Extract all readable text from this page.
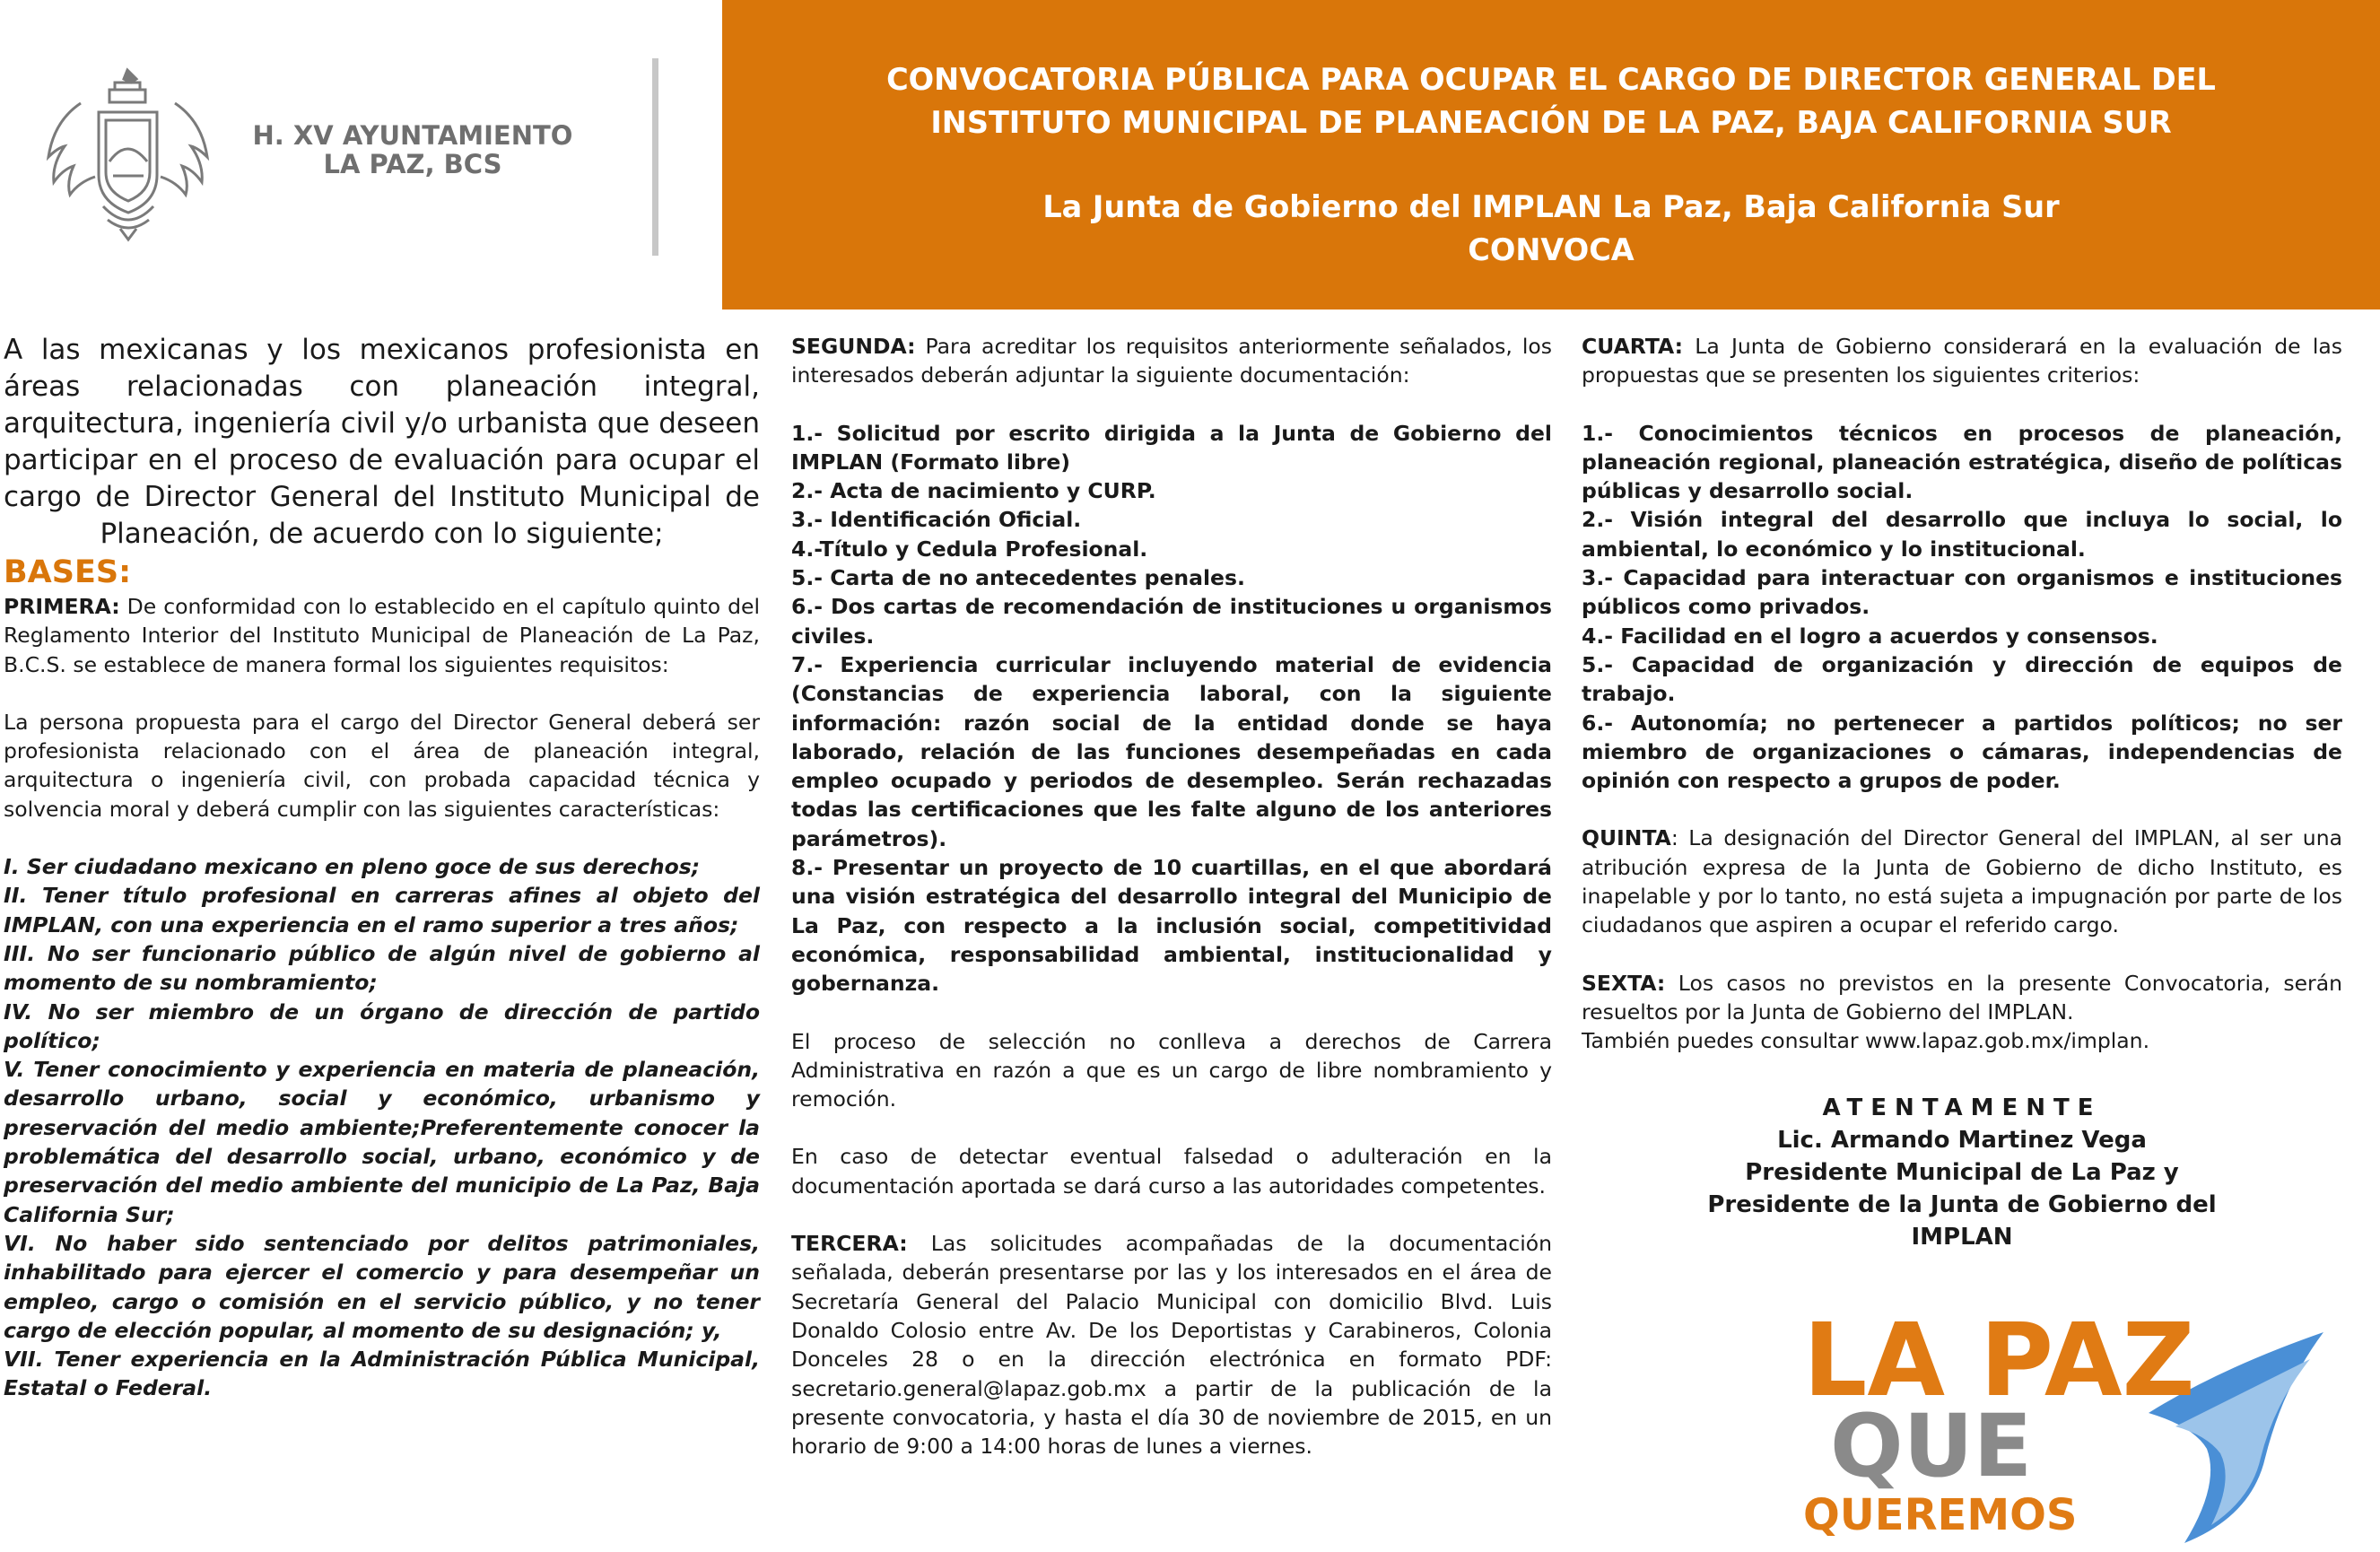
H. XV AYUNTAMIENTO
LA PAZ, BCS
CONVOCATORIA PÚBLICA PARA OCUPAR EL CARGO DE DIRECTOR GENERAL DEL
INSTITUTO MUNICIPAL DE PLANEACIÓN DE LA PAZ, BAJA CALIFORNIA SUR
La Junta de Gobierno del IMPLAN La Paz, Baja California Sur
CONVOCA

A las mexicanas y los mexicanos profesionista en áreas relacionadas con planeación integral, arquitectura, ingeniería civil y/o urbanista que deseen participar en el proceso de evaluación para ocupar el cargo de Director General del Instituto Municipal de Planeación, de acuerdo con lo siguiente;

BASES:

PRIMERA: De conformidad con lo establecido en el capítulo quinto del Reglamento Interior del Instituto Municipal de Planeación de La Paz, B.C.S. se establece de manera formal los siguientes requisitos:

La persona propuesta para el cargo del Director General deberá ser profesionista relacionado con el área de planeación integral, arquitectura o ingeniería civil, con probada capacidad técnica y solvencia moral y deberá cumplir con las siguientes características:

I. Ser ciudadano mexicano en pleno goce de sus derechos;

II. Tener título profesional en carreras afines al objeto del IMPLAN, con una experiencia en el ramo superior a tres años;

III. No ser funcionario público de algún nivel de gobierno al momento de su nombramiento;

IV. No ser miembro de un órgano de dirección de partido político;

V. Tener conocimiento y experiencia en materia de planeación, desarrollo urbano, social y económico, urbanismo y preservación del medio ambiente;Preferentemente conocer la problemática del desarrollo social, urbano, económico y de preservación del medio ambiente del municipio de La Paz, Baja California Sur;

VI. No haber sido sentenciado por delitos patrimoniales, inhabilitado para ejercer el comercio y para desempeñar un empleo, cargo o comisión en el servicio público, y no tener cargo de elección popular, al momento de su designación; y,

VII. Tener experiencia en la Administración Pública Municipal, Estatal o Federal.

SEGUNDA: Para acreditar los requisitos anteriormente señalados, los interesados deberán adjuntar la siguiente documentación:

1.- Solicitud por escrito dirigida a la Junta de Gobierno del IMPLAN (Formato libre)

2.- Acta de nacimiento y CURP.

3.- Identificación Oficial.

4.-Título y Cedula Profesional.

5.- Carta de no antecedentes penales.

6.- Dos cartas de recomendación de instituciones u organismos civiles.

7.- Experiencia curricular incluyendo material de evidencia (Constancias de experiencia laboral, con la siguiente información: razón social de la entidad donde se haya laborado, relación de las funciones desempeñadas en cada empleo ocupado y periodos de desempleo. Serán rechazadas todas las certificaciones que les falte alguno de los anteriores parámetros).

8.- Presentar un proyecto de 10 cuartillas, en el que abordará una visión estratégica del desarrollo integral del Municipio de La Paz, con respecto a la inclusión social, competitividad económica, responsabilidad ambiental, institucionalidad y gobernanza.

El proceso de selección no conlleva a derechos de Carrera Administrativa en razón a que es un cargo de libre nombramiento y remoción.

En caso de detectar eventual falsedad o adulteración en la documentación aportada se dará curso a las autoridades competentes.

TERCERA: Las solicitudes acompañadas de la documentación señalada, deberán presentarse por las y los interesados en el área de Secretaría General del Palacio Municipal con domicilio Blvd. Luis Donaldo Colosio entre Av. De los Deportistas y Carabineros, Colonia Donceles 28 o en la dirección electrónica en formato PDF: secretario.general@lapaz.gob.mx a partir de la publicación de la presente convocatoria, y hasta el día 30 de noviembre de 2015, en un horario de 9:00 a 14:00 horas de lunes a viernes.

CUARTA: La Junta de Gobierno considerará en la evaluación de las propuestas que se presenten los siguientes criterios:

1.- Conocimientos técnicos en procesos de planeación, planeación regional, planeación estratégica, diseño de políticas públicas y desarrollo social.

2.- Visión integral del desarrollo que incluya lo social, lo ambiental, lo económico y lo institucional.

3.- Capacidad para interactuar con organismos e instituciones públicos como privados.

4.- Facilidad en el logro a acuerdos y consensos.

5.- Capacidad de organización y dirección de equipos de trabajo.

6.- Autonomía; no pertenecer a partidos políticos; no ser miembro de organizaciones o cámaras, independencias de opinión con respecto a grupos de poder.

QUINTA: La designación del Director General del IMPLAN, al ser una atribución expresa de la Junta de Gobierno de dicho Instituto, es inapelable y por lo tanto, no está sujeta a impugnación por parte de los ciudadanos que aspiren a ocupar el referido cargo.

SEXTA: Los casos no previstos en la presente Convocatoria, serán resueltos por la Junta de Gobierno del IMPLAN.

También puedes consultar www.lapaz.gob.mx/implan.

ATENTAMENTE
Lic. Armando Martinez Vega
Presidente Municipal de La Paz y
Presidente de la Junta de Gobierno del
IMPLAN
LA PAZ
QUE
QUEREMOS
